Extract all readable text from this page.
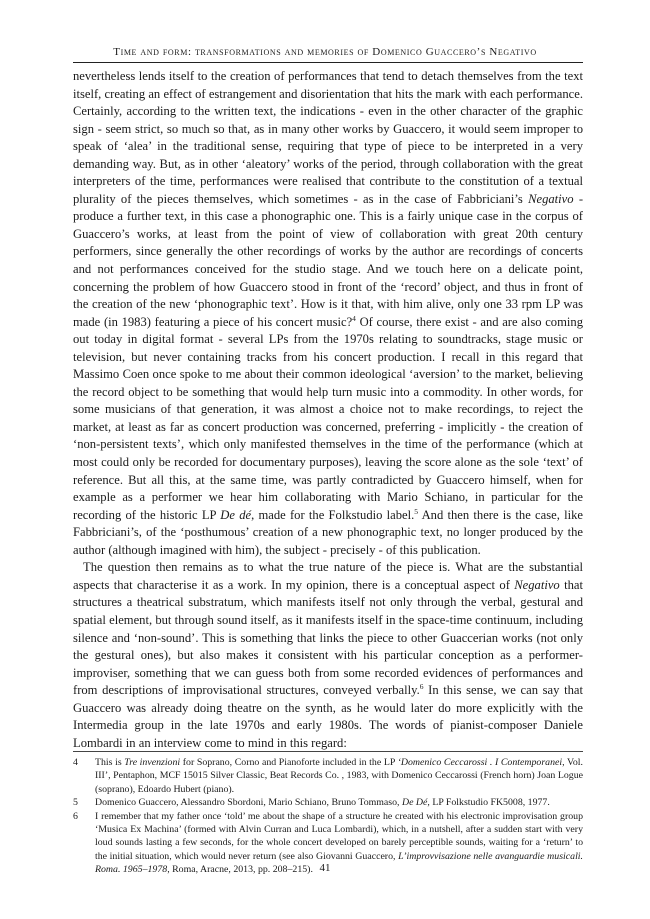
Time and form: transformations and memories of Domenico Guaccero’s Negativo

nevertheless lends itself to the creation of performances that tend to detach themselves from the text itself, creating an effect of estrangement and disorientation that hits the mark with each performance. Certainly, according to the written text, the indications - even in the other character of the graphic sign - seem strict, so much so that, as in many other works by Guaccero, it would seem improper to speak of ‘alea’ in the traditional sense, requiring that type of piece to be interpreted in a very demanding way. But, as in other ‘aleatory’ works of the period, through collaboration with the great interpreters of the time, performances were realised that contribute to the constitution of a textual plurality of the pieces themselves, which sometimes - as in the case of Fabbriciani’s Negativo - produce a further text, in this case a phonographic one. This is a fairly unique case in the corpus of Guaccero’s works, at least from the point of view of collaboration with great 20th century performers, since generally the other recordings of works by the author are recordings of concerts and not performances conceived for the studio stage. And we touch here on a delicate point, concerning the problem of how Guaccero stood in front of the ‘record’ object, and thus in front of the creation of the new ‘phonographic text’. How is it that, with him alive, only one 33 rpm LP was made (in 1983) featuring a piece of his concert music?$^4$ Of course, there exist - and are also coming out today in digital format - several LPs from the 1970s relating to soundtracks, stage music or television, but never containing tracks from his concert production. I recall in this regard that Massimo Coen once spoke to me about their common ideological ‘aversion’ to the market, believing the record object to be something that would help turn music into a commodity. In other words, for some musicians of that generation, it was almost a choice not to make recordings, to reject the market, at least as far as concert production was concerned, preferring - implicitly - the creation of ‘non-persistent texts’, which only manifested themselves in the time of the performance (which at most could only be recorded for documentary purposes), leaving the score alone as the sole ‘text’ of reference. But all this, at the same time, was partly contradicted by Guaccero himself, when for example as a performer we hear him collaborating with Mario Schiano, in particular for the recording of the historic LP De dé, made for the Folkstudio label.$^5$ And then there is the case, like Fabbriciani’s, of the ‘posthumous’ creation of a new phonographic text, no longer produced by the author (although imagined with him), the subject - precisely - of this publication.

The question then remains as to what the true nature of the piece is. What are the substantial aspects that characterise it as a work. In my opinion, there is a conceptual aspect of Negativo that structures a theatrical substratum, which manifests itself not only through the verbal, gestural and spatial element, but through sound itself, as it manifests itself in the space-time continuum, including silence and ‘non-sound’. This is something that links the piece to other Guaccerian works (not only the gestural ones), but also makes it consistent with his particular conception as a performer-improviser, something that we can guess both from some recorded evidences of performances and from descriptions of improvisational structures, conveyed verbally.$^6$ In this sense, we can say that Guaccero was already doing theatre on the synth, as he would later do more explicitly with the Intermedia group in the late 1970s and early 1980s. The words of pianist-composer Daniele Lombardi in an interview come to mind in this regard:

4	This is Tre invenzioni for Soprano, Corno and Pianoforte included in the LP ‘Domenico Ceccarossi . I Contemporanei, Vol. III’, Pentaphon, MCF 15015 Silver Classic, Beat Records Co. , 1983, with Domenico Ceccarossi (French horn) Joan Logue (soprano), Edoardo Hubert (piano).
5	Domenico Guaccero, Alessandro Sbordoni, Mario Schiano, Bruno Tommaso, De Dé, LP Folkstudio FK5008, 1977.
6	I remember that my father once ‘told’ me about the shape of a structure he created with his electronic improvisation group ‘Musica Ex Machina’ (formed with Alvin Curran and Luca Lombardi), which, in a nutshell, after a sudden start with very loud sounds lasting a few seconds, for the whole concert developed on barely perceptible sounds, waiting for a ‘return’ to the initial situation, which would never return (see also Giovanni Guaccero, L’improvvisazione nelle avanguardie musicali. Roma. 1965–1978, Roma, Aracne, 2013, pp. 208–215). 41
